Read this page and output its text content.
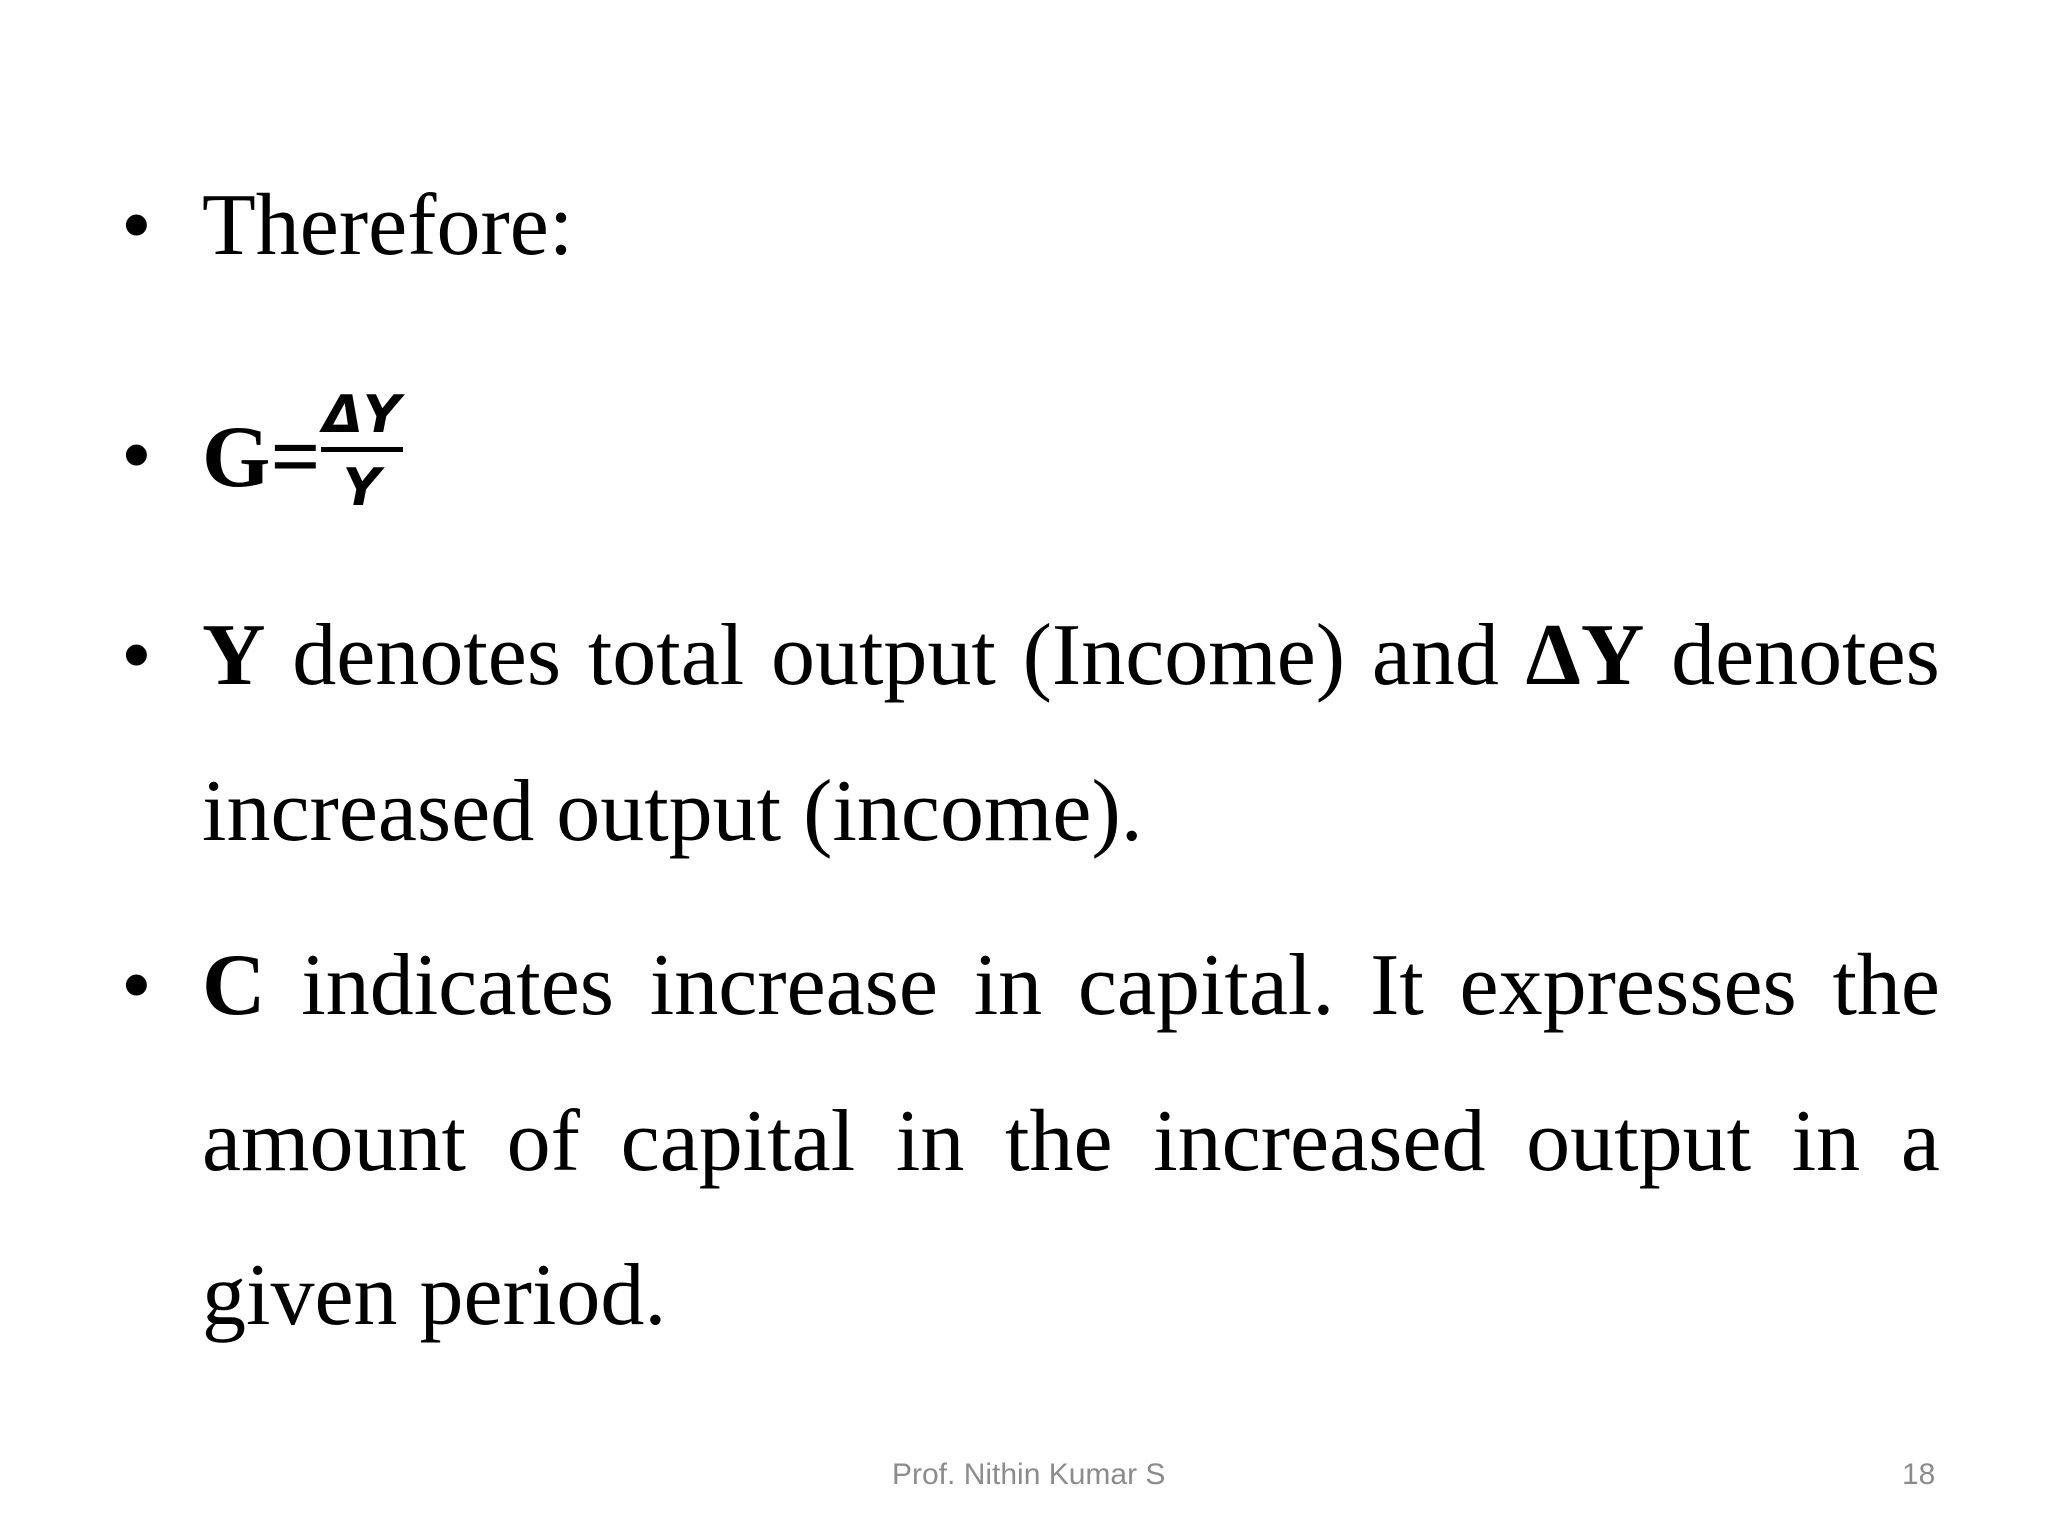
• Therefore:
• G= ΔY
Y
• Y denotes total output (Income) and ΔY denotes
increased output (income).
• C indicates increase in capital. It expresses the
amount of capital in the increased output in a
given period.
Prof. Nithin Kumar S	18
